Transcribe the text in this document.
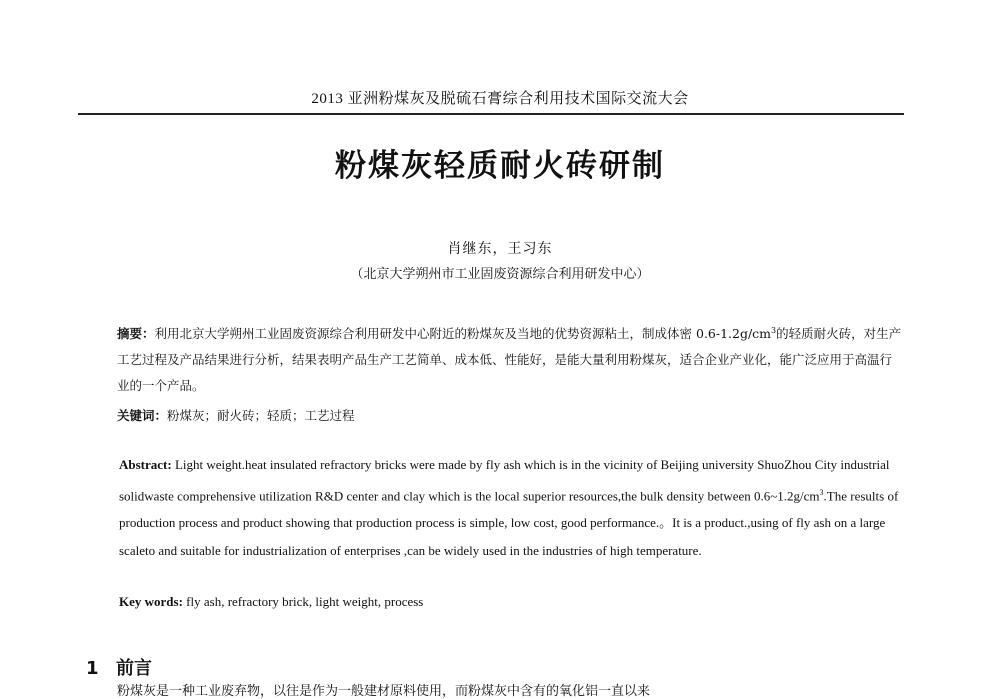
2013 亚洲粉煤灰及脱硫石膏综合利用技术国际交流大会
粉煤灰轻质耐火砖研制
肖继东，王习东
（北京大学朔州市工业固废资源综合利用研发中心）
摘要：利用北京大学朔州工业固废资源综合利用研发中心附近的粉煤灰及当地的优势资源粘土，制成体密 $0.6-1.2g/cm^3$的轻质耐火砖，对生产工艺过程及产品结果进行分析，结果表明产品生产工艺简单、成本低、性能好，是能大量利用粉煤灰，适合企业产业化，能广泛应用于高温行业的一个产品。
关键词：粉煤灰；耐火砖；轻质；工艺过程
Abstract: Light weight.heat insulated refractory bricks were made by fly ash which is in the vicinity of Beijing university ShuoZhou City industrial solidwaste comprehensive utilization R&D center and clay which is the local superior resources,the bulk density between $0.6\sim 1.2g/cm^3.The$ results of production process and product showing that production process is simple, low cost, good performance.。It is a product.,using of fly ash on a large scaleto and suitable for industrialization of enterprises ,can be widely used in the industries of high temperature.
Key words: fly ash, refractory brick, light weight, process
1 前言
粉煤灰是一种工业废弃物，以往是作为一般建材原料使用，而粉煤灰中含有的氧化铝一直以来
